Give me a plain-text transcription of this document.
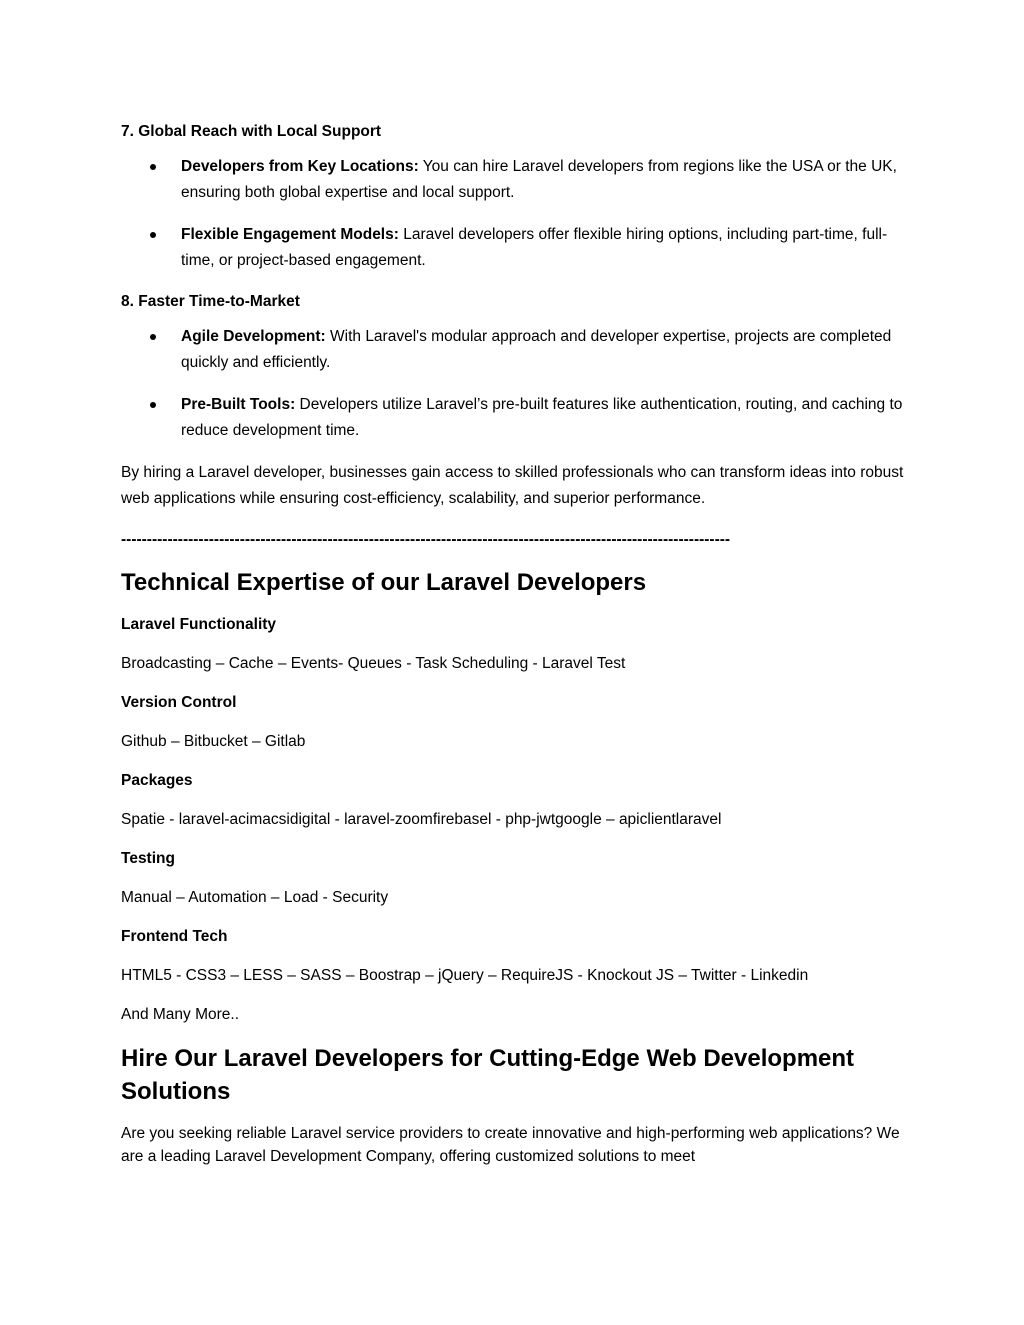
7. Global Reach with Local Support
Developers from Key Locations: You can hire Laravel developers from regions like the USA or the UK, ensuring both global expertise and local support.
Flexible Engagement Models: Laravel developers offer flexible hiring options, including part-time, full-time, or project-based engagement.
8. Faster Time-to-Market
Agile Development: With Laravel's modular approach and developer expertise, projects are completed quickly and efficiently.
Pre-Built Tools: Developers utilize Laravel’s pre-built features like authentication, routing, and caching to reduce development time.

By hiring a Laravel developer, businesses gain access to skilled professionals who can transform ideas into robust web applications while ensuring cost-efficiency, scalability, and superior performance.

----------------------------------------------------------------------------------------------------------------------
Technical Expertise of our Laravel Developers
Laravel Functionality
Broadcasting – Cache – Events- Queues - Task Scheduling - Laravel Test
Version Control
Github – Bitbucket – Gitlab
Packages
Spatie - laravel-acimacsidigital - laravel-zoomfirebasel - php-jwtgoogle – apiclientlaravel
Testing
Manual – Automation – Load - Security
Frontend Tech
HTML5 - CSS3 – LESS – SASS – Boostrap – jQuery – RequireJS - Knockout JS – Twitter - Linkedin
And Many More..
Hire Our Laravel Developers for Cutting-Edge Web Development Solutions

Are you seeking reliable Laravel service providers to create innovative and high-performing web applications? We are a leading Laravel Development Company, offering customized solutions to meet
